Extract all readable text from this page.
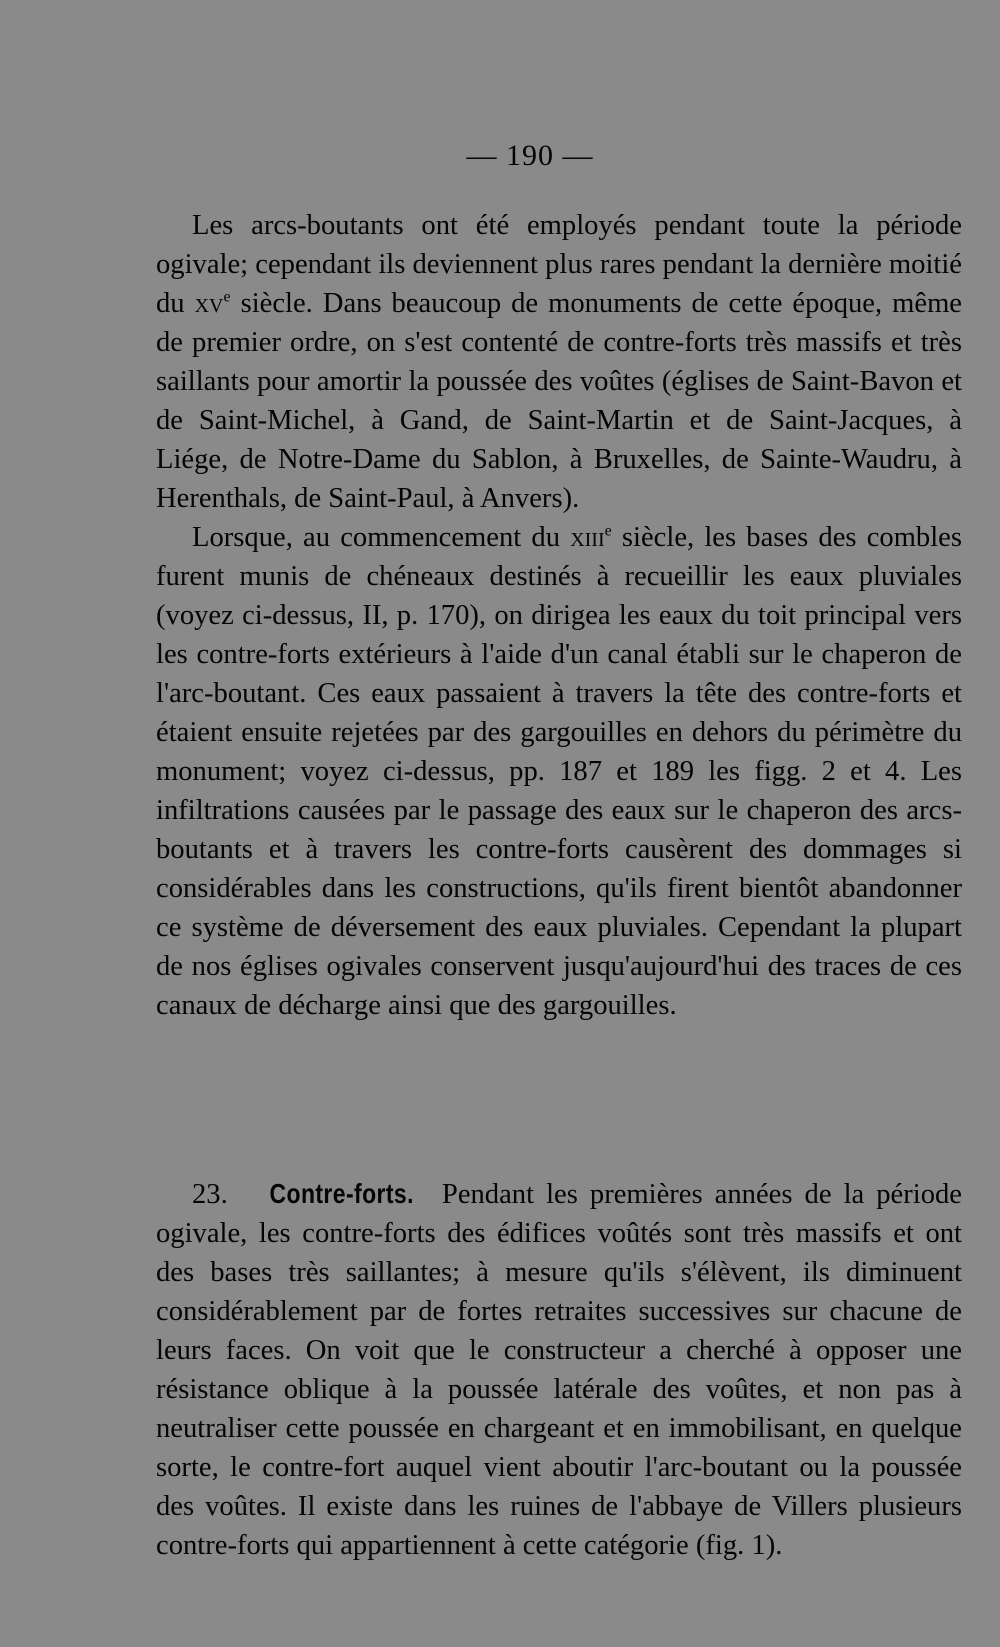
— 190 —

Les arcs-boutants ont été employés pendant toute la période ogivale; cependant ils deviennent plus rares pendant la dernière moitié du $xv^e$ siècle. Dans beaucoup de monuments de cette époque, même de premier ordre, on s'est contenté de contre-forts très massifs et très saillants pour amortir la poussée des voûtes (églises de Saint-Bavon et de Saint-Michel, à Gand, de Saint-Martin et de Saint-Jacques, à Liége, de Notre-Dame du Sablon, à Bruxelles, de Sainte-Waudru, à Herenthals, de Saint-Paul, à Anvers).

Lorsque, au commencement du xiii$^e$ siècle, les bases des combles furent munis de chéneaux destinés à recueillir les eaux pluviales (voyez ci-dessus, II, p. 170), on dirigea les eaux du toit principal vers les contre-forts extérieurs à l'aide d'un canal établi sur le chaperon de l'arc-boutant. Ces eaux passaient à travers la tête des contre-forts et étaient ensuite rejetées par des gargouilles en dehors du périmètre du monument; voyez ci-dessus, pp. 187 et 189 les figg. 2 et 4. Les infiltrations causées par le passage des eaux sur le chaperon des arcs-boutants et à travers les contre-forts causèrent des dommages si considérables dans les constructions, qu'ils firent bientôt abandonner ce système de déversement des eaux pluviales. Cependant la plupart de nos églises ogivales conservent jusqu'aujourd'hui des traces de ces canaux de décharge ainsi que des gargouilles.

23. Contre-forts. Pendant les premières années de la période ogivale, les contre-forts des édifices voûtés sont très massifs et ont des bases très saillantes; à mesure qu'ils s'élèvent, ils diminuent considérablement par de fortes retraites successives sur chacune de leurs faces. On voit que le constructeur a cherché à opposer une résistance oblique à la poussée latérale des voûtes, et non pas à neutraliser cette poussée en chargeant et en immobilisant, en quelque sorte, le contre-fort auquel vient aboutir l'arc-boutant ou la poussée des voûtes. Il existe dans les ruines de l'abbaye de Villers plusieurs contre-forts qui appartiennent à cette catégorie (fig. 1).
